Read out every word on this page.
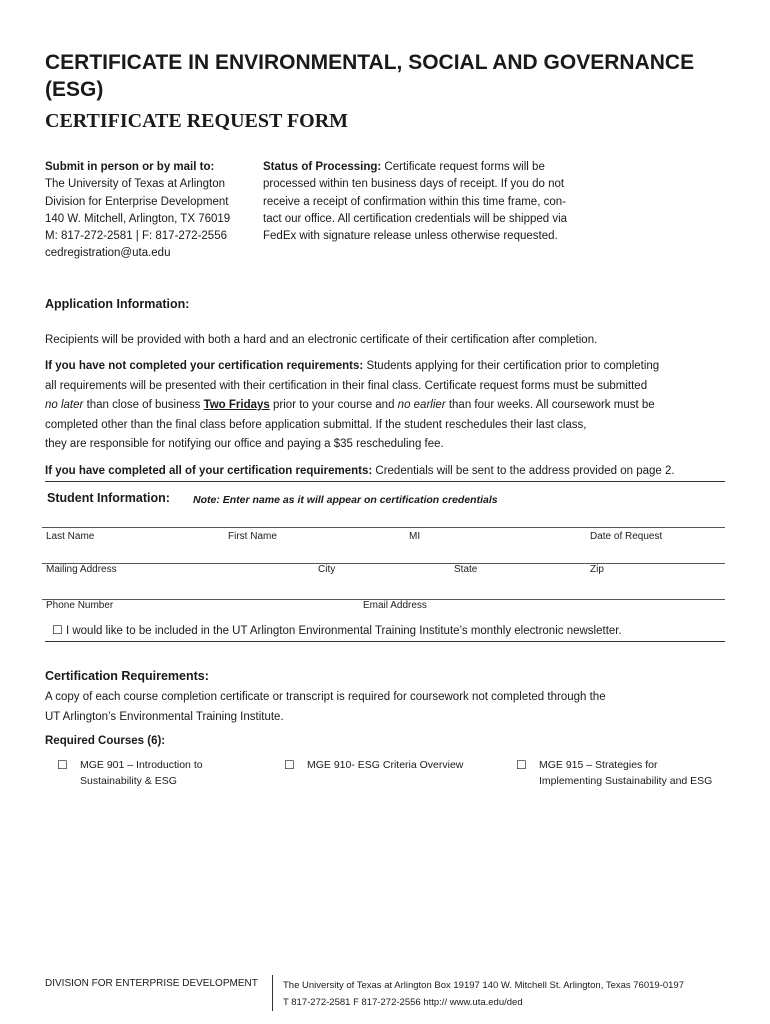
CERTIFICATE IN ENVIRONMENTAL, SOCIAL AND GOVERNANCE (ESG)
CERTIFICATE REQUEST FORM
Submit in person or by mail to:
The University of Texas at Arlington
Division for Enterprise Development
140 W. Mitchell, Arlington, TX 76019
M: 817-272-2581 | F: 817-272-2556
cedregistration@uta.edu
Status of Processing: Certificate request forms will be
processed within ten business days of receipt. If you do not
receive a receipt of confirmation within this time frame, con-
tact our office. All certification credentials will be shipped via
FedEx with signature release unless otherwise requested.
Application Information:
Recipients will be provided with both a hard and an electronic certificate of their certification after completion.
If you have not completed your certification requirements: Students applying for their certification prior to completing
all requirements will be presented with their certification in their final class. Certificate request forms must be submitted
no later than close of business Two Fridays prior to your course and no earlier than four weeks. All coursework must be
completed other than the final class before application submittal. If the student reschedules their last class,
they are responsible for notifying our office and paying a $35 rescheduling fee.
If you have completed all of your certification requirements: Credentials will be sent to the address provided on page 2.
Student Information: Note: Enter name as it will appear on certification credentials
Last Name	First Name	MI	Date of Request
Mailing Address	City	State	Zip
Phone Number	Email Address
☐ I would like to be included in the UT Arlington Environmental Training Institute’s monthly electronic newsletter.
Certification Requirements:
A copy of each course completion certificate or transcript is required for coursework not completed through the
UT Arlington’s Environmental Training Institute.
Required Courses (6):
☐ MGE 901 – Introduction to
Sustainability & ESG
☐ MGE 910- ESG Criteria Overview	☐ MGE 915 – Strategies for
Implementing Sustainability and ESG
DIVISION FOR ENTERPRISE DEVELOPMENT	The University of Texas at Arlington Box 19197 140 W. Mitchell St. Arlington, Texas 76019-0197
T 817-272-2581 F 817-272-2556 http:// www.uta.edu/ded
